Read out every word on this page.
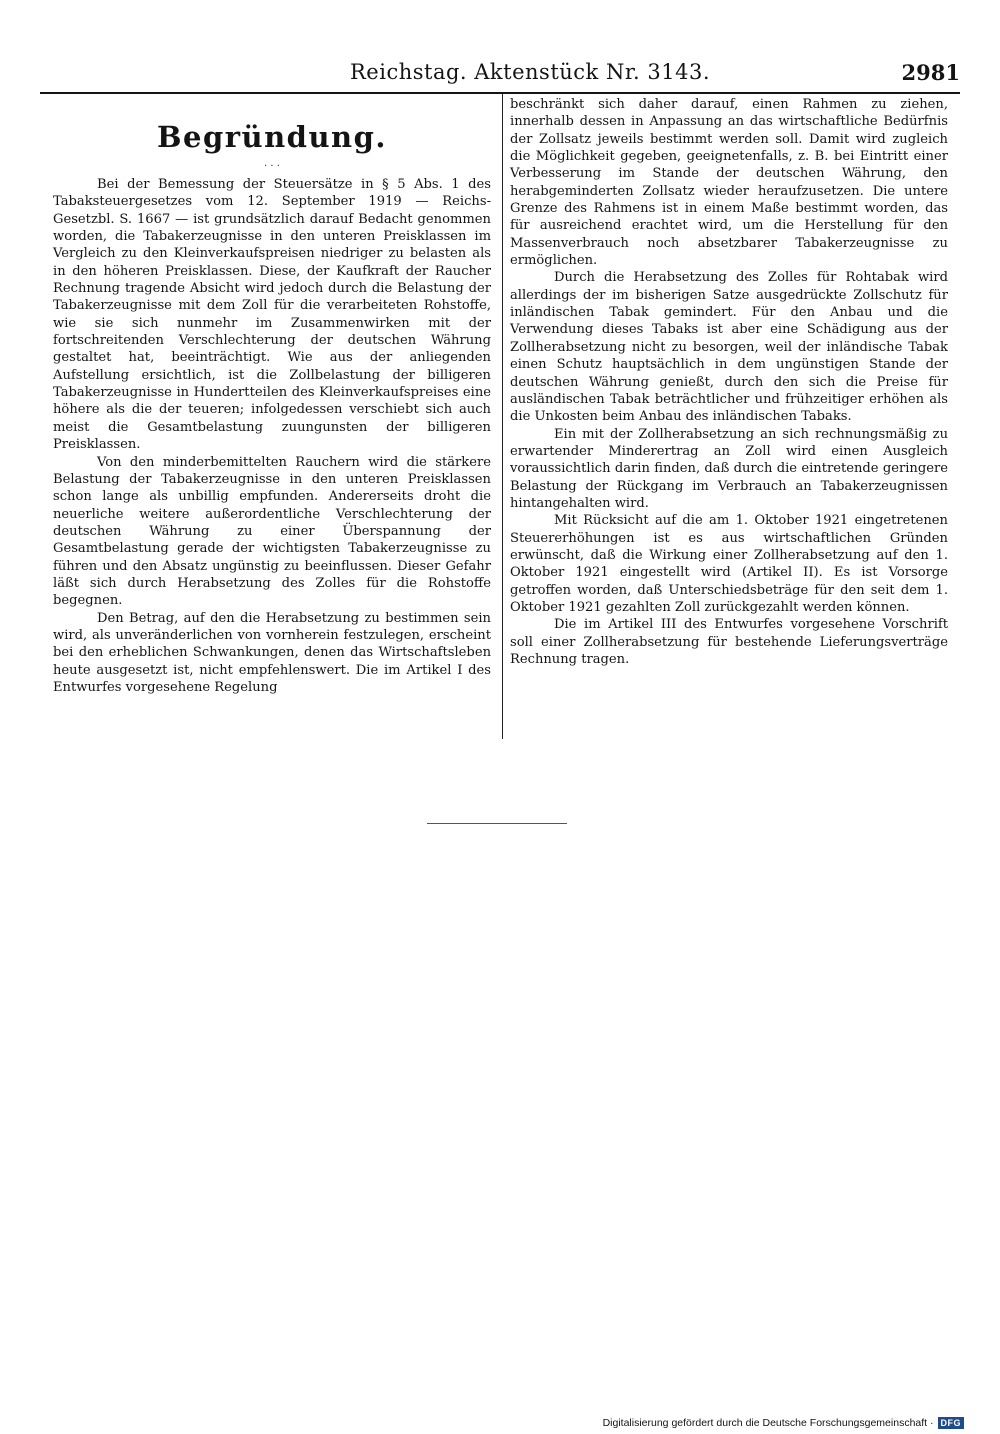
Reichstag. Aktenstück Nr. 3143.	2981
Begründung.
· · ·

Bei der Bemessung der Steuersätze in § 5 Abs. 1 des Tabaksteuergesetzes vom 12. September 1919 — Reichs-Gesetzbl. S. 1667 — ist grundsätzlich darauf Bedacht genommen worden, die Tabakerzeugnisse in den unteren Preisklassen im Vergleich zu den Kleinverkaufspreisen niedriger zu belasten als in den höheren Preisklassen. Diese, der Kaufkraft der Raucher Rechnung tragende Absicht wird jedoch durch die Belastung der Tabakerzeugnisse mit dem Zoll für die verarbeiteten Rohstoffe, wie sie sich nunmehr im Zusammenwirken mit der fortschreitenden Verschlechterung der deutschen Währung gestaltet hat, beeinträchtigt. Wie aus der anliegenden Aufstellung ersichtlich, ist die Zollbelastung der billigeren Tabakerzeugnisse in Hundertteilen des Kleinverkaufspreises eine höhere als die der teueren; infolgedessen verschiebt sich auch meist die Gesamtbelastung zuungunsten der billigeren Preisklassen.

Von den minderbemittelten Rauchern wird die stärkere Belastung der Tabakerzeugnisse in den unteren Preisklassen schon lange als unbillig empfunden. Andererseits droht die neuerliche weitere außerordentliche Verschlechterung der deutschen Währung zu einer Überspannung der Gesamtbelastung gerade der wichtigsten Tabakerzeugnisse zu führen und den Absatz ungünstig zu beeinflussen. Dieser Gefahr läßt sich durch Herabsetzung des Zolles für die Rohstoffe begegnen.

Den Betrag, auf den die Herabsetzung zu bestimmen sein wird, als unveränderlichen von vornherein festzulegen, erscheint bei den erheblichen Schwankungen, denen das Wirtschaftsleben heute ausgesetzt ist, nicht empfehlenswert. Die im Artikel I des Entwurfes vorgesehene Regelung

beschränkt sich daher darauf, einen Rahmen zu ziehen, innerhalb dessen in Anpassung an das wirtschaftliche Bedürfnis der Zollsatz jeweils bestimmt werden soll. Damit wird zugleich die Möglichkeit gegeben, geeignetenfalls, z. B. bei Eintritt einer Verbesserung im Stande der deutschen Währung, den herabgeminderten Zollsatz wieder heraufzusetzen. Die untere Grenze des Rahmens ist in einem Maße bestimmt worden, das für ausreichend erachtet wird, um die Herstellung für den Massenverbrauch noch absetzbarer Tabakerzeugnisse zu ermöglichen.

Durch die Herabsetzung des Zolles für Rohtabak wird allerdings der im bisherigen Satze ausgedrückte Zollschutz für inländischen Tabak gemindert. Für den Anbau und die Verwendung dieses Tabaks ist aber eine Schädigung aus der Zollherabsetzung nicht zu besorgen, weil der inländische Tabak einen Schutz hauptsächlich in dem ungünstigen Stande der deutschen Währung genießt, durch den sich die Preise für ausländischen Tabak beträchtlicher und frühzeitiger erhöhen als die Unkosten beim Anbau des inländischen Tabaks.

Ein mit der Zollherabsetzung an sich rechnungsmäßig zu erwartender Minderertrag an Zoll wird einen Ausgleich voraussichtlich darin finden, daß durch die eintretende geringere Belastung der Rückgang im Verbrauch an Tabakerzeugnissen hintangehalten wird.

Mit Rücksicht auf die am 1. Oktober 1921 eingetretenen Steuererhöhungen ist es aus wirtschaftlichen Gründen erwünscht, daß die Wirkung einer Zollherabsetzung auf den 1. Oktober 1921 eingestellt wird (Artikel II). Es ist Vorsorge getroffen worden, daß Unterschiedsbeträge für den seit dem 1. Oktober 1921 gezahlten Zoll zurückgezahlt werden können.

Die im Artikel III des Entwurfes vorgesehene Vorschrift soll einer Zollherabsetzung für bestehende Lieferungsverträge Rechnung tragen.

Digitalisierung gefördert durch die Deutsche Forschungsgemeinschaft · DFG
